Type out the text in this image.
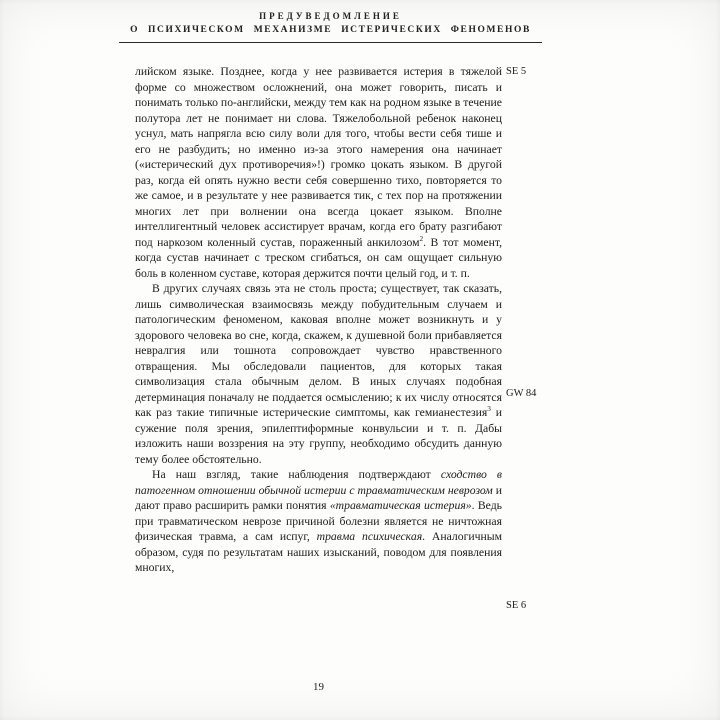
ПРЕДУВЕДОМЛЕНИЕ
О ПСИХИЧЕСКОМ МЕХАНИЗМЕ ИСТЕРИЧЕСКИХ ФЕНОМЕНОВ

лийском языке. Позднее, когда у нее развивается истерия в тяжелой форме со множеством осложнений, она может говорить, писать и понимать только по-английски, между тем как на родном языке в течение полутора лет не понимает ни слова. Тяжелобольной ребенок наконец уснул, мать напрягла всю силу воли для того, чтобы вести себя тише и его не разбудить; но именно из-за этого намерения она начинает («истерический дух противоречия»!) громко цокать языком. В другой раз, когда ей опять нужно вести себя совершенно тихо, повторяется то же самое, и в результате у нее развивается тик, с тех пор на протяжении многих лет при волнении она всегда цокает языком. Вполне интеллигентный человек ассистирует врачам, когда его брату разгибают под наркозом коленный сустав, пораженный анкилозом$^2$. В тот момент, когда сустав начинает с треском сгибаться, он сам ощущает сильную боль в коленном суставе, которая держится почти целый год, и т. п.

В других случаях связь эта не столь проста; существует, так сказать, лишь символическая взаимосвязь между побудительным случаем и патологическим феноменом, каковая вполне может возникнуть и у здорового человека во сне, когда, скажем, к душевной боли прибавляется невралгия или тошнота сопровождает чувство нравственного отвращения. Мы обследовали пациентов, для которых такая символизация стала обычным делом. В иных случаях подобная детерминация поначалу не поддается осмыслению; к их числу относятся как раз такие типичные истерические симптомы, как гемианестезия$^3$ и сужение поля зрения, эпилептиформные конвульсии и т. п. Дабы изложить наши воззрения на эту группу, необходимо обсудить данную тему более обстоятельно.

На наш взгляд, такие наблюдения подтверждают сходство в патогенном отношении обычной истерии с травматическим неврозом и дают право расширить рамки понятия «травматическая истерия». Ведь при травматическом неврозе причиной болезни является не ничтожная физическая травма, а сам испуг, травма психическая. Аналогичным образом, судя по результатам наших изысканий, поводом для появления многих,

SE 5
GW 84
SE 6
19
